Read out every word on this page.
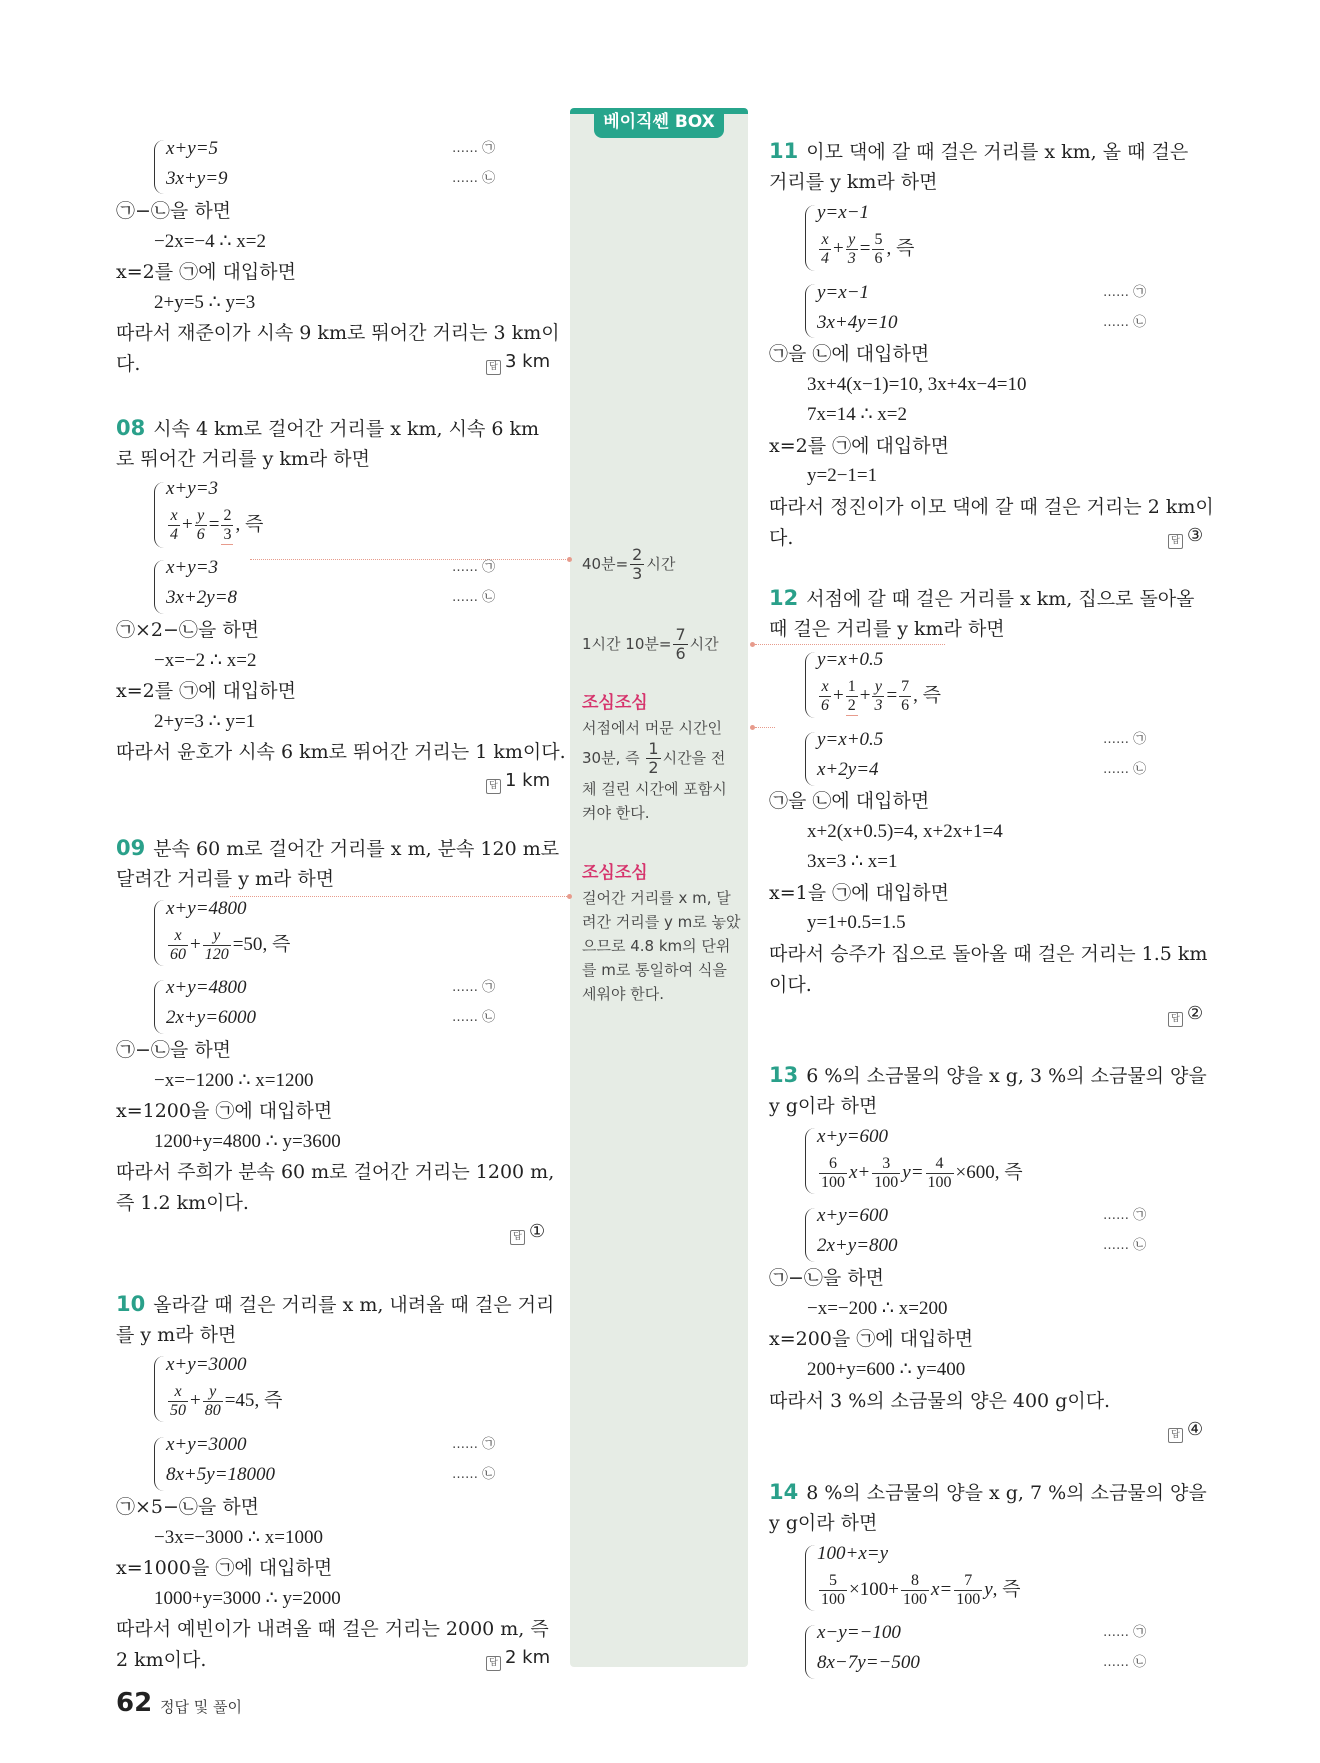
베이직쎈 BOX
40분= $\frac{2}{3}$ 시간
1시간 10분= $\frac{7}{6}$ 시간
조심조심
서점에서 머문 시간인
30분, 즉 $\frac{1}{2}$ 시간을 전
체 걸린 시간에 포함시
켜야 한다.
조심조심
걸어간 거리를 x m, 달려간 거리를 y m로 놓았으므로 4.8 km의 단위를 m로 통일하여 식을 세워야 한다.
x+y=5	…… ㉠
3x+y=9	…… ㉡
㉠−㉡을 하면
−2x=−4 ∴ x=2
x=2를 ㉠에 대입하면
2+y=5 ∴ y=3
따라서 재준이가 시속 9 km로 뛰어간 거리는 3 km이
다.	답 3 km
08 시속 4 km로 걸어간 거리를 x km, 시속 6 km
로 뛰어간 거리를 y km라 하면
x+y=3
$\frac{x}{4} + \frac{y}{6} = \frac{2}{3}$ , 즉
x+y=3	…… ㉠
3x+2y=8	…… ㉡
㉠×2−㉡을 하면
−x=−2 ∴ x=2
x=2를 ㉠에 대입하면
2+y=3 ∴ y=1
따라서 윤호가 시속 6 km로 뛰어간 거리는 1 km이다.
답 1 km
09 분속 60 m로 걸어간 거리를 x m, 분속 120 m로
달려간 거리를 y m라 하면
x+y=4800
$\frac{x}{60} + \frac{y}{120} =50$, 즉
x+y=4800	…… ㉠
2x+y=6000	…… ㉡
㉠−㉡을 하면
−x=−1200 ∴ x=1200
x=1200을 ㉠에 대입하면
1200+y=4800 ∴ y=3600
따라서 주희가 분속 60 m로 걸어간 거리는 1200 m,
즉 1.2 km이다.
답 ①
10 올라갈 때 걸은 거리를 x m, 내려올 때 걸은 거리
를 y m라 하면
x+y=3000
$\frac{x}{50} + \frac{y}{80} =45$, 즉
x+y=3000	…… ㉠
8x+5y=18000	…… ㉡
㉠×5−㉡을 하면
−3x=−3000 ∴ x=1000
x=1000을 ㉠에 대입하면
1000+y=3000 ∴ y=2000
따라서 예빈이가 내려올 때 걸은 거리는 2000 m, 즉
2 km이다.	답 2 km
11 이모 댁에 갈 때 걸은 거리를 x km, 올 때 걸은
거리를 y km라 하면
y=x−1
$\frac{x}{4} + \frac{y}{3} = \frac{5}{6}$ , 즉
y=x−1	…… ㉠
3x+4y=10	…… ㉡
㉠을 ㉡에 대입하면
3x+4(x−1)=10, 3x+4x−4=10
7x=14 ∴ x=2
x=2를 ㉠에 대입하면
y=2−1=1
따라서 정진이가 이모 댁에 갈 때 걸은 거리는 2 km이
다.	답 ③
12 서점에 갈 때 걸은 거리를 x km, 집으로 돌아올
때 걸은 거리를 y km라 하면
y=x+0.5
$\frac{x}{6} + \frac{1}{2} + \frac{y}{3} = \frac{7}{6}$ , 즉
y=x+0.5	…… ㉠
x+2y=4	…… ㉡
㉠을 ㉡에 대입하면
x+2(x+0.5)=4, x+2x+1=4
3x=3 ∴ x=1
x=1을 ㉠에 대입하면
y=1+0.5=1.5
따라서 승주가 집으로 돌아올 때 걸은 거리는 1.5 km
이다.
답 ②
13 6 %의 소금물의 양을 x g, 3 %의 소금물의 양을
y g이라 하면
x+y=600
$\frac{6}{100} x+ \frac{3}{100} y= \frac{4}{100} \times 600$, 즉
x+y=600	…… ㉠
2x+y=800	…… ㉡
㉠−㉡을 하면
−x=−200 ∴ x=200
x=200을 ㉠에 대입하면
200+y=600 ∴ y=400
따라서 3 %의 소금물의 양은 400 g이다.
답 ④
14 8 %의 소금물의 양을 x g, 7 %의 소금물의 양을
y g이라 하면
100+x=y
$\frac{5}{100} \times 100+ \frac{8}{100} x= \frac{7}{100} y$, 즉
x−y=−100	…… ㉠
8x−7y=−500	…… ㉡
62 정답 및 풀이
